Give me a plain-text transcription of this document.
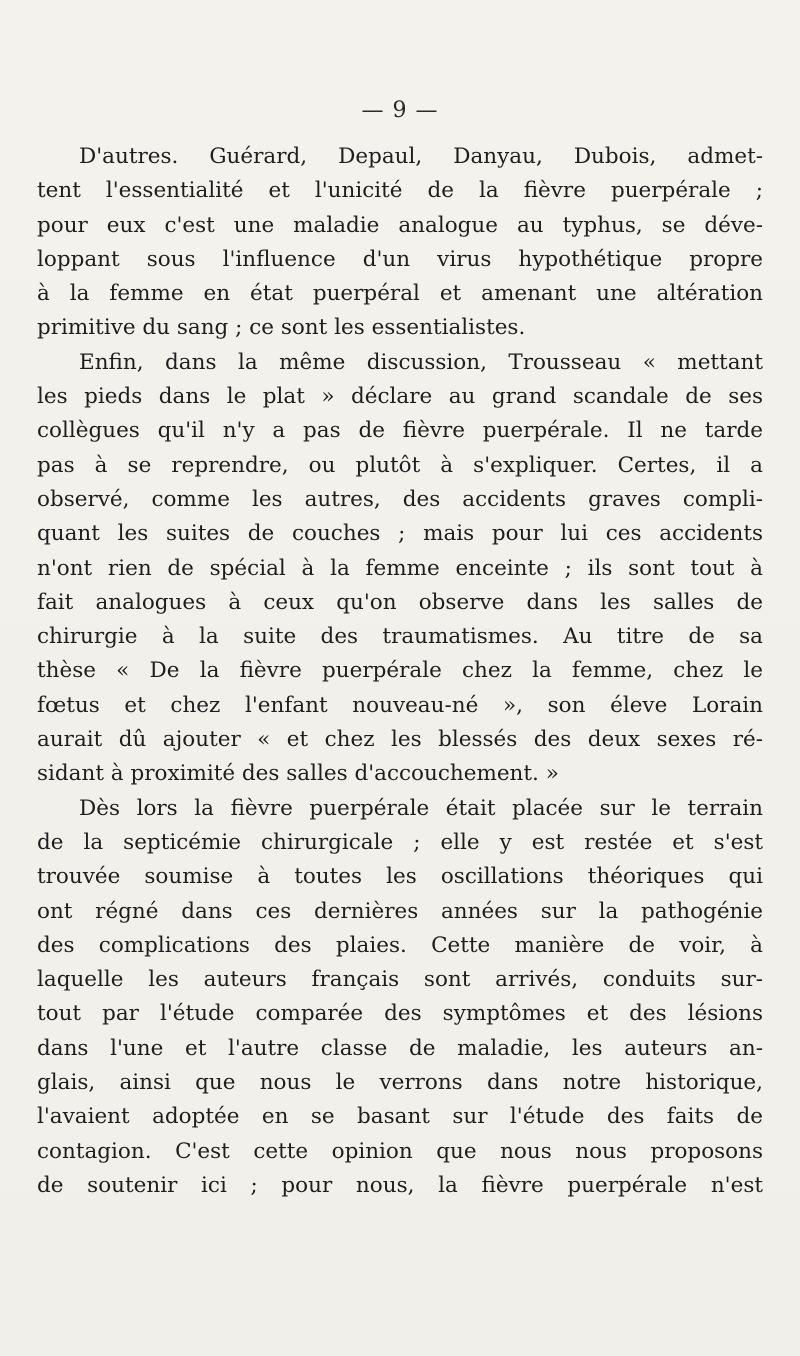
— 9 —
D'autres. Guérard, Depaul, Danyau, Dubois, admet-
tent l'essentialité et l'unicité de la fièvre puerpérale ;
pour eux c'est une maladie analogue au typhus, se déve-
loppant sous l'influence d'un virus hypothétique propre
à la femme en état puerpéral et amenant une altération
primitive du sang ; ce sont les essentialistes.
Enfin, dans la même discussion, Trousseau « mettant
les pieds dans le plat » déclare au grand scandale de ses
collègues qu'il n'y a pas de fièvre puerpérale. Il ne tarde
pas à se reprendre, ou plutôt à s'expliquer. Certes, il a
observé, comme les autres, des accidents graves compli-
quant les suites de couches ; mais pour lui ces accidents
n'ont rien de spécial à la femme enceinte ; ils sont tout à
fait analogues à ceux qu'on observe dans les salles de
chirurgie à la suite des traumatismes. Au titre de sa
thèse « De la fièvre puerpérale chez la femme, chez le
fœtus et chez l'enfant nouveau-né », son éleve Lorain
aurait dû ajouter « et chez les blessés des deux sexes ré-
sidant à proximité des salles d'accouchement. »
Dès lors la fièvre puerpérale était placée sur le terrain
de la septicémie chirurgicale ; elle y est restée et s'est
trouvée soumise à toutes les oscillations théoriques qui
ont régné dans ces dernières années sur la pathogénie
des complications des plaies. Cette manière de voir, à
laquelle les auteurs français sont arrivés, conduits sur-
tout par l'étude comparée des symptômes et des lésions
dans l'une et l'autre classe de maladie, les auteurs an-
glais, ainsi que nous le verrons dans notre historique,
l'avaient adoptée en se basant sur l'étude des faits de
contagion. C'est cette opinion que nous nous proposons
de soutenir ici ; pour nous, la fièvre puerpérale n'est
